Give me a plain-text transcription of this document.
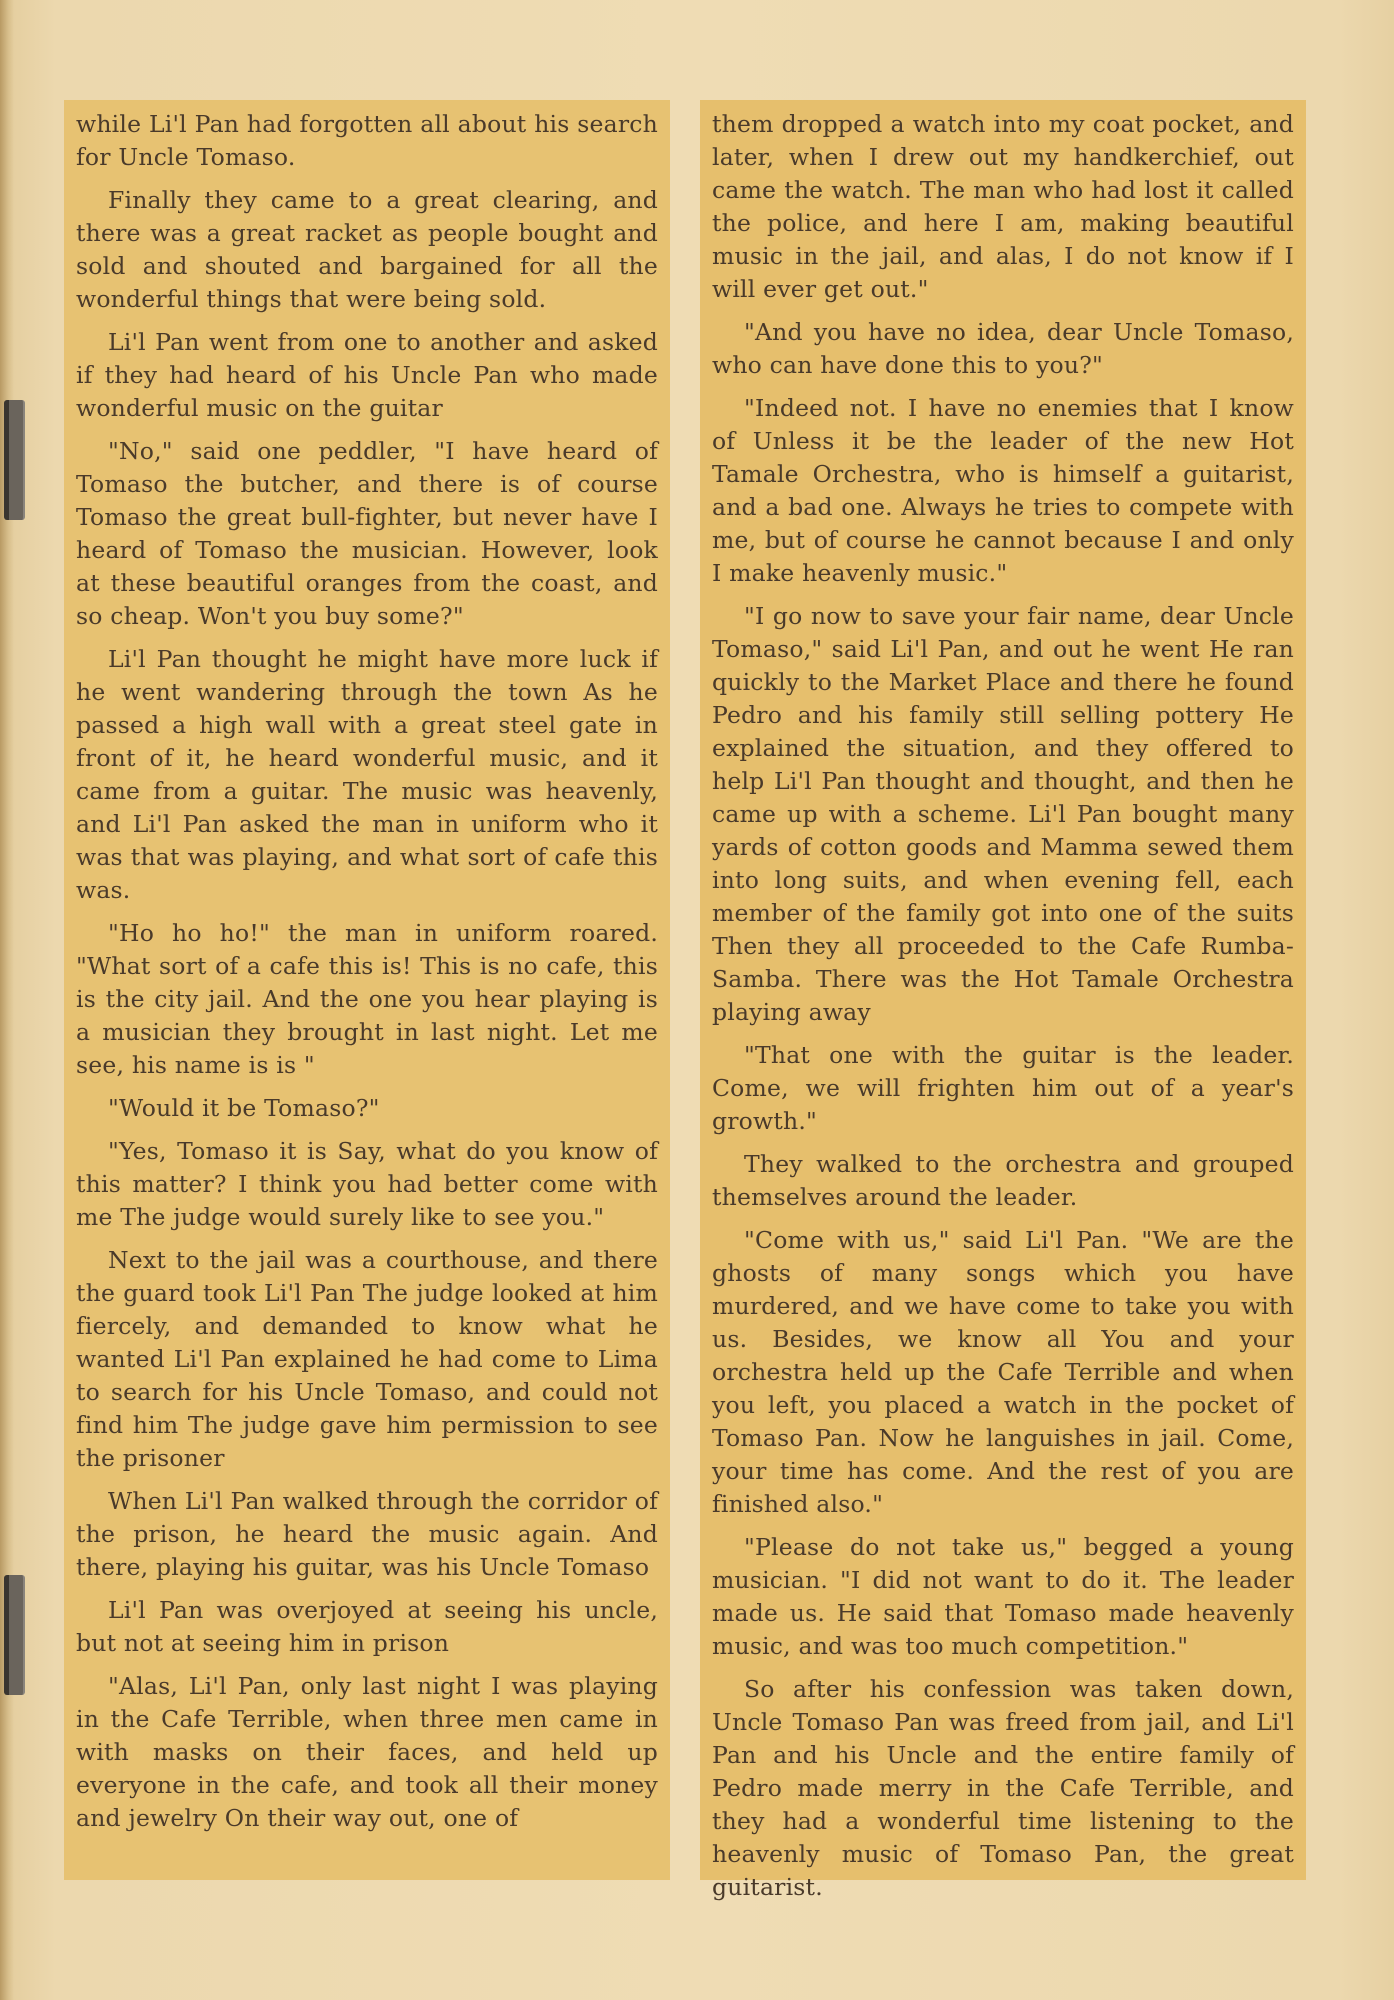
while Li'l Pan had forgotten all about his search for Uncle Tomaso.

Finally they came to a great clearing, and there was a great racket as people bought and sold and shouted and bargained for all the wonderful things that were being sold.

Li'l Pan went from one to another and asked if they had heard of his Uncle Pan who made wonderful music on the guitar

"No," said one peddler, "I have heard of Tomaso the butcher, and there is of course Tomaso the great bull-fighter, but never have I heard of Tomaso the musician. However, look at these beautiful oranges from the coast, and so cheap. Won't you buy some?"

Li'l Pan thought he might have more luck if he went wandering through the town As he passed a high wall with a great steel gate in front of it, he heard wonderful music, and it came from a guitar. The music was heavenly, and Li'l Pan asked the man in uniform who it was that was playing, and what sort of cafe this was.

"Ho ho ho!" the man in uniform roared. "What sort of a cafe this is! This is no cafe, this is the city jail. And the one you hear playing is a musician they brought in last night. Let me see, his name is is "

"Would it be Tomaso?"

"Yes, Tomaso it is Say, what do you know of this matter? I think you had better come with me The judge would surely like to see you."

Next to the jail was a courthouse, and there the guard took Li'l Pan The judge looked at him fiercely, and demanded to know what he wanted Li'l Pan explained he had come to Lima to search for his Uncle Tomaso, and could not find him The judge gave him permission to see the prisoner

When Li'l Pan walked through the corridor of the prison, he heard the music again. And there, playing his guitar, was his Uncle Tomaso

Li'l Pan was overjoyed at seeing his uncle, but not at seeing him in prison

"Alas, Li'l Pan, only last night I was playing in the Cafe Terrible, when three men came in with masks on their faces, and held up everyone in the cafe, and took all their money and jewelry On their way out, one of

them dropped a watch into my coat pocket, and later, when I drew out my handkerchief, out came the watch. The man who had lost it called the police, and here I am, making beautiful music in the jail, and alas, I do not know if I will ever get out."

"And you have no idea, dear Uncle Tomaso, who can have done this to you?"

"Indeed not. I have no enemies that I know of Unless it be the leader of the new Hot Tamale Orchestra, who is himself a guitarist, and a bad one. Always he tries to compete with me, but of course he cannot because I and only I make heavenly music."

"I go now to save your fair name, dear Uncle Tomaso," said Li'l Pan, and out he went He ran quickly to the Market Place and there he found Pedro and his family still selling pottery He explained the situation, and they offered to help Li'l Pan thought and thought, and then he came up with a scheme. Li'l Pan bought many yards of cotton goods and Mamma sewed them into long suits, and when evening fell, each member of the family got into one of the suits Then they all proceeded to the Cafe Rumba-Samba. There was the Hot Tamale Orchestra playing away

"That one with the guitar is the leader. Come, we will frighten him out of a year's growth."

They walked to the orchestra and grouped themselves around the leader.

"Come with us," said Li'l Pan. "We are the ghosts of many songs which you have murdered, and we have come to take you with us. Besides, we know all You and your orchestra held up the Cafe Terrible and when you left, you placed a watch in the pocket of Tomaso Pan. Now he languishes in jail. Come, your time has come. And the rest of you are finished also."

"Please do not take us," begged a young musician. "I did not want to do it. The leader made us. He said that Tomaso made heavenly music, and was too much competition."

So after his confession was taken down, Uncle Tomaso Pan was freed from jail, and Li'l Pan and his Uncle and the entire family of Pedro made merry in the Cafe Terrible, and they had a wonderful time listening to the heavenly music of Tomaso Pan, the great guitarist.
